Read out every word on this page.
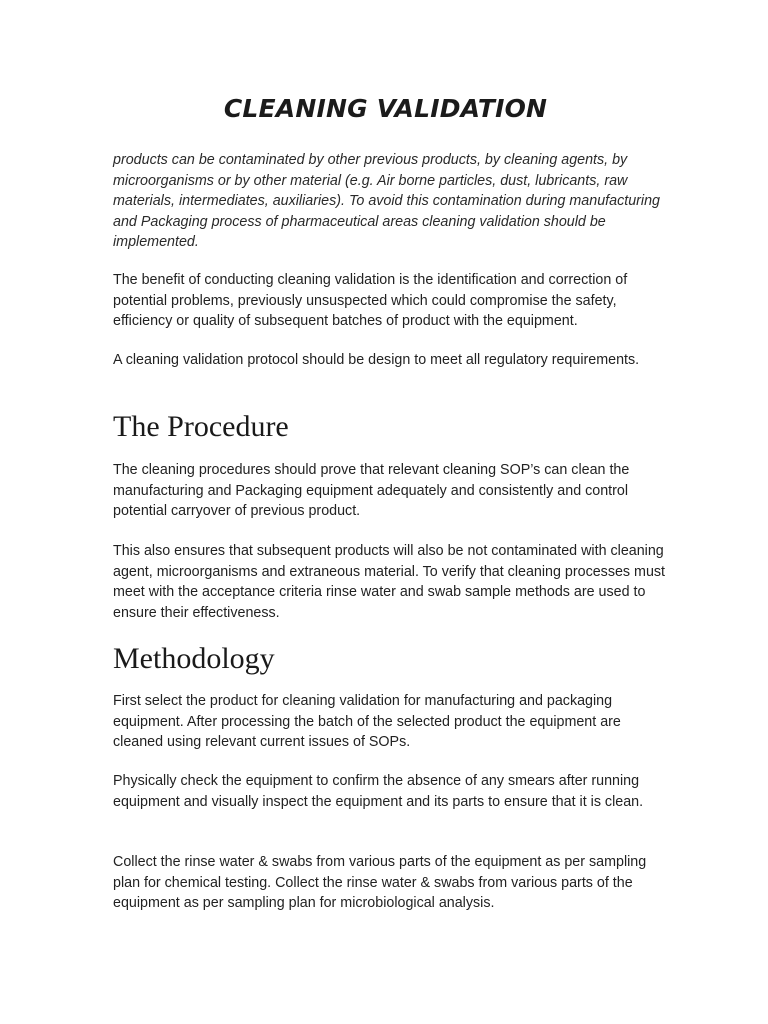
CLEANING VALIDATION

products can be contaminated by other previous products, by cleaning agents, by microorganisms or by other material (e.g. Air borne particles, dust, lubricants, raw materials, intermediates, auxiliaries). To avoid this contamination during manufacturing and Packaging process of pharmaceutical areas cleaning validation should be implemented.

The benefit of conducting cleaning validation is the identification and correction of potential problems, previously unsuspected which could compromise the safety, efficiency or quality of subsequent batches of product with the equipment.

A cleaning validation protocol should be design to meet all regulatory requirements.

The Procedure

The cleaning procedures should prove that relevant cleaning SOP’s can clean the manufacturing and Packaging equipment adequately and consistently and control potential carryover of previous product.

This also ensures that subsequent products will also be not contaminated with cleaning agent, microorganisms and extraneous material. To verify that cleaning processes must meet with the acceptance criteria rinse water and swab sample methods are used to ensure their effectiveness.

Methodology

First select the product for cleaning validation for manufacturing and packaging equipment. After processing the batch of the selected product the equipment are cleaned using relevant current issues of SOPs.

Physically check the equipment to confirm the absence of any smears after running equipment and visually inspect the equipment and its parts to ensure that it is clean.

Collect the rinse water & swabs from various parts of the equipment as per sampling plan for chemical testing. Collect the rinse water & swabs from various parts of the equipment as per sampling plan for microbiological analysis.
